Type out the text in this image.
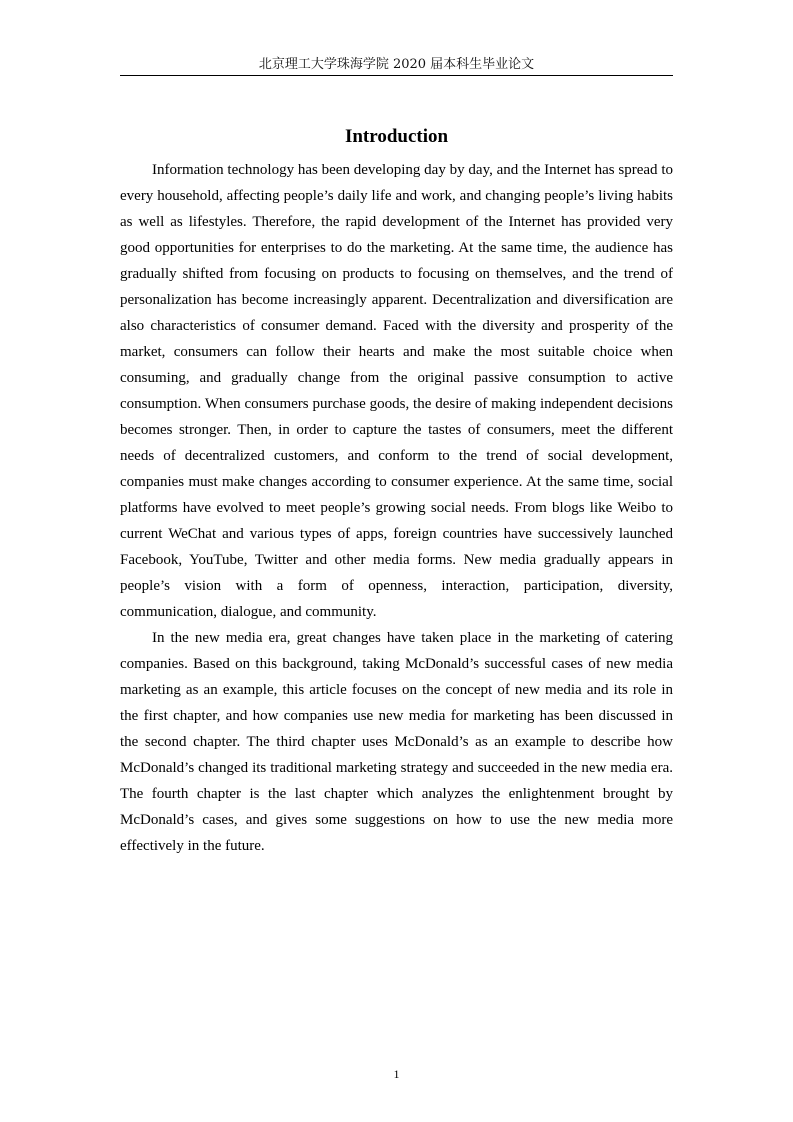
北京理工大学珠海学院 2020 届本科生毕业论文
Introduction

Information technology has been developing day by day, and the Internet has spread to every household, affecting people’s daily life and work, and changing people’s living habits as well as lifestyles. Therefore, the rapid development of the Internet has provided very good opportunities for enterprises to do the marketing. At the same time, the audience has gradually shifted from focusing on products to focusing on themselves, and the trend of personalization has become increasingly apparent. Decentralization and diversification are also characteristics of consumer demand. Faced with the diversity and prosperity of the market, consumers can follow their hearts and make the most suitable choice when consuming, and gradually change from the original passive consumption to active consumption. When consumers purchase goods, the desire of making independent decisions becomes stronger. Then, in order to capture the tastes of consumers, meet the different needs of decentralized customers, and conform to the trend of social development, companies must make changes according to consumer experience. At the same time, social platforms have evolved to meet people’s growing social needs. From blogs like Weibo to current WeChat and various types of apps, foreign countries have successively launched Facebook, YouTube, Twitter and other media forms. New media gradually appears in people’s vision with a form of openness, interaction, participation, diversity, communication, dialogue, and community.

In the new media era, great changes have taken place in the marketing of catering companies. Based on this background, taking McDonald’s successful cases of new media marketing as an example, this article focuses on the concept of new media and its role in the first chapter, and how companies use new media for marketing has been discussed in the second chapter. The third chapter uses McDonald’s as an example to describe how McDonald’s changed its traditional marketing strategy and succeeded in the new media era. The fourth chapter is the last chapter which analyzes the enlightenment brought by McDonald’s cases, and gives some suggestions on how to use the new media more effectively in the future.

1
